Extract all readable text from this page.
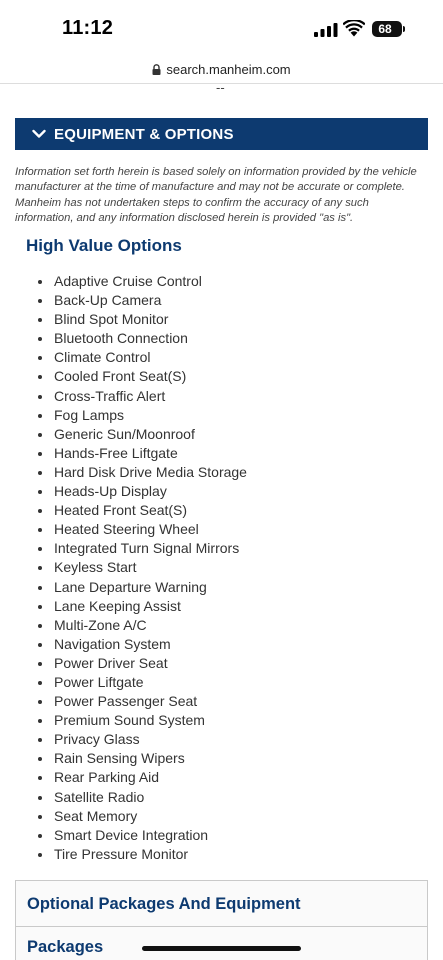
11:12	68
search.manheim.com
--
EQUIPMENT & OPTIONS

Information set forth herein is based solely on information provided by the vehicle manufacturer at the time of manufacture and may not be accurate or complete. Manheim has not undertaken steps to confirm the accuracy of any such information, and any information disclosed herein is provided "as is".

High Value Options
Adaptive Cruise Control
Back-Up Camera
Blind Spot Monitor
Bluetooth Connection
Climate Control
Cooled Front Seat(S)
Cross-Traffic Alert
Fog Lamps
Generic Sun/Moonroof
Hands-Free Liftgate
Hard Disk Drive Media Storage
Heads-Up Display
Heated Front Seat(S)
Heated Steering Wheel
Integrated Turn Signal Mirrors
Keyless Start
Lane Departure Warning
Lane Keeping Assist
Multi-Zone A/C
Navigation System
Power Driver Seat
Power Liftgate
Power Passenger Seat
Premium Sound System
Privacy Glass
Rain Sensing Wipers
Rear Parking Aid
Satellite Radio
Seat Memory
Smart Device Integration
Tire Pressure Monitor
Optional Packages And Equipment
Packages
